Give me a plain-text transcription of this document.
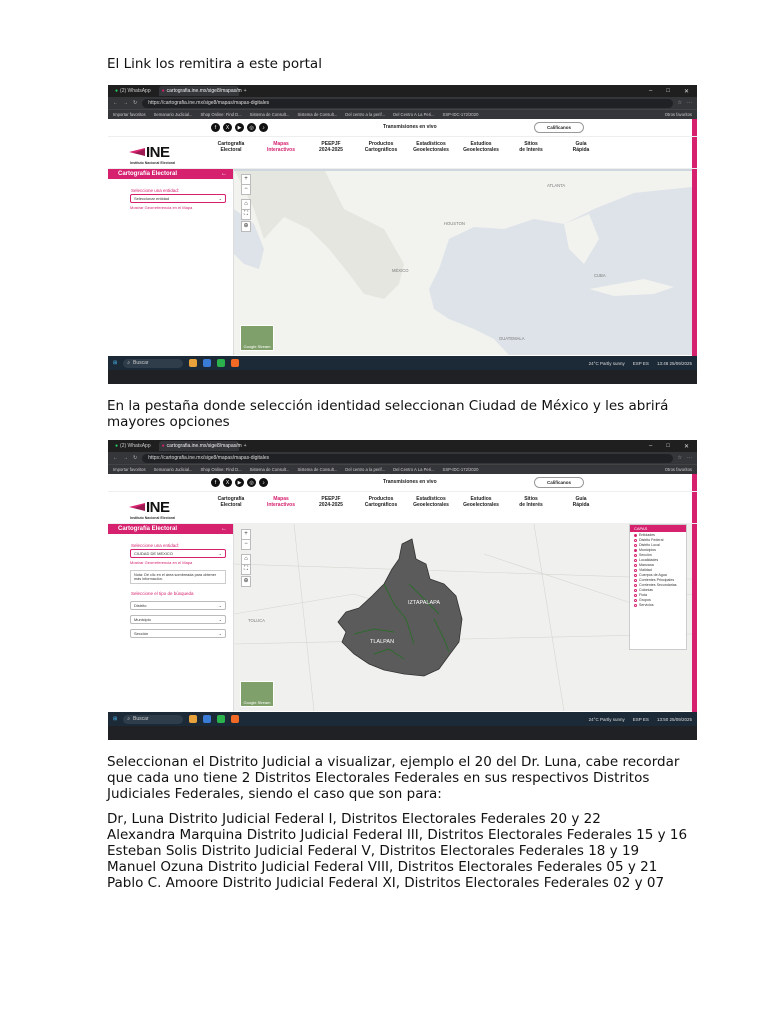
El Link los remitira a este portal
● (2) WhatsApp ● cartografia.ine.mx/sige8/mapas/m +	– □ ✕
← → ↻ https:// cartografia.ine.mx/sige8/mapas/mapas-digitales	☆ ⋯
Importar favoritos Semanario Judicial... Shop Online: Find D... Sistema de Consult... Sistema de Consult... Del centro a la perif... Del Centro A La Peri... SSP-IDC-172/2020	Otros favoritos
f	X	▶	◎	♪	Transmisiones en vivo	Califícanos
INE
Instituto Nacional Electoral
Cartografía
Electoral
Mapas
Interactivos
PEEPJF
2024-2025
Productos
Cartográficos
Estadísticos
Geoelectorales
Estudios
Geoelectorales
Sitios
de Interés
Guía
Rápida
Cartografía Electoral	←
Seleccione una entidad:
Seleccionar entidad	⌄
Mostrar Georreferencia en el Mapa
MÉXICO
HOUSTON
ATLANTA
CUBA
GUATEMALA
+
−
⌂
⛶
⊕
Google Stream
⊞ ⌕ Buscar	24°C Partly sunny ESP ES 13:48 25/09/2025
En la pestaña donde selección identidad seleccionan Ciudad de México y les abrirá mayores opciones
● (2) WhatsApp ● cartografia.ine.mx/sige8/mapas/m +	– □ ✕
← → ↻ https:// cartografia.ine.mx/sige8/mapas/mapas-digitales	☆ ⋯
Importar favoritos Semanario Judicial... Shop Online: Find D... Sistema de Consult... Sistema de Consult... Del centro a la perif... Del Centro A La Peri... SSP-IDC-172/2020	Otros favoritos
f	X	▶	◎	♪	Transmisiones en vivo	Califícanos
INE
Instituto Nacional Electoral
Cartografía
Electoral
Mapas
Interactivos
PEEPJF
2024-2025
Productos
Cartográficos
Estadísticos
Geoelectorales
Estudios
Geoelectorales
Sitios
de Interés
Guía
Rápida
Cartografía Electoral	←
Seleccione una entidad:
CIUDAD DE MEXICO	⌄
Mostrar Georreferencia en el Mapa
Nota: Dé clic en el área sombreada para obtener más información.
Seleccione el tipo de búsqueda
Distrito	⌄
Municipio	⌄
Sección	⌄
IZTAPALAPA
TLALPAN
TOLUCA
CAPAS
Entidades
Distrito Federal
Distrito Local
Municipios
Sección
Localidades
Manzana
Vialidad
Cuerpos de Agua
Corrientes Principales
Corrientes Secundarias
Colonias
Flota
Grupos
Servicios
+
−
⌂
⛶
⊕
Google Stream
⊞ ⌕ Buscar	24°C Partly sunny ESP ES 13:50 25/09/2025
Seleccionan el Distrito Judicial a visualizar, ejemplo el 20 del Dr. Luna, cabe recordar que cada uno tiene 2 Distritos Electorales Federales en sus respectivos Distritos Judiciales Federales, siendo el caso que son para:
Dr, Luna Distrito Judicial Federal I, Distritos Electorales Federales 20 y 22
Alexandra Marquina Distrito Judicial Federal III, Distritos Electorales Federales 15 y 16
Esteban Solis Distrito Judicial Federal V, Distritos Electorales Federales 18 y 19
Manuel Ozuna Distrito Judicial Federal VIII, Distritos Electorales Federales 05 y 21
Pablo C. Amoore Distrito Judicial Federal XI, Distritos Electorales Federales 02 y 07
